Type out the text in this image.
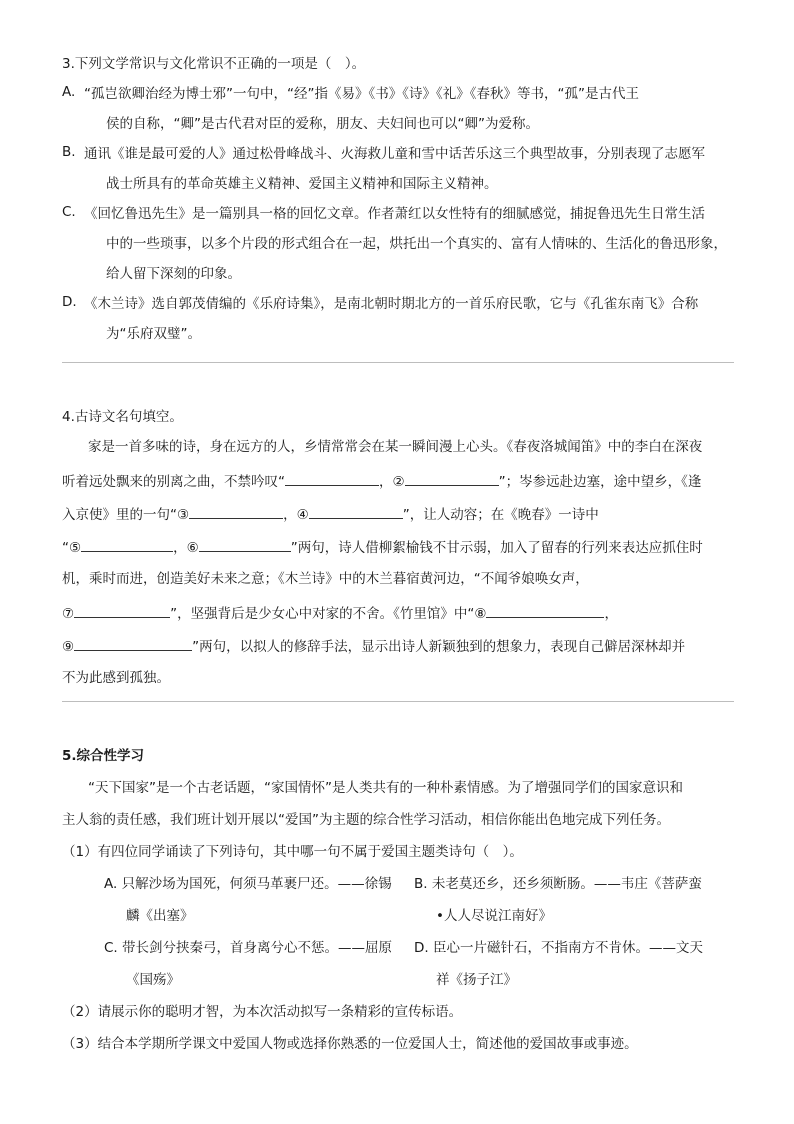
3.下列文学常识与文化常识不正确的一项是（　）。
A. “孤岂欲卿治经为博士邪”一句中，“经”指《易》《书》《诗》《礼》《春秋》等书，“孤”是古代王
侯的自称，“卿”是古代君对臣的爱称，朋友、夫妇间也可以“卿”为爱称。
B. 通讯《谁是最可爱的人》通过松骨峰战斗、火海救儿童和雪中话苦乐这三个典型故事，分别表现了志愿军
战士所具有的革命英雄主义精神、爱国主义精神和国际主义精神。
C. 《回忆鲁迅先生》是一篇别具一格的回忆文章。作者萧红以女性特有的细腻感觉，捕捉鲁迅先生日常生活
中的一些琐事，以多个片段的形式组合在一起，烘托出一个真实的、富有人情味的、生活化的鲁迅形象，
给人留下深刻的印象。
D. 《木兰诗》选自郭茂倩编的《乐府诗集》，是南北朝时期北方的一首乐府民歌，它与《孔雀东南飞》合称
为“乐府双璧”。
4.古诗文名句填空。
家是一首多味的诗，身在远方的人，乡情常常会在某一瞬间漫上心头。《春夜洛城闻笛》中的李白在深夜
听着远处飘来的别离之曲，不禁吟叹“	，②	”；岑参远赴边塞，途中望乡，《逢
入京使》里的一句“③	，④	”，让人动容；在《晚春》一诗中
“⑤	，⑥	”两句，诗人借柳絮榆钱不甘示弱，加入了留春的行列来表达应抓住时
机，乘时而进，创造美好未来之意；《木兰诗》中的木兰暮宿黄河边，“不闻爷娘唤女声，
⑦	”，坚强背后是少女心中对家的不舍。《竹里馆》中“⑧	，
⑨	”两句，以拟人的修辞手法，显示出诗人新颖独到的想象力，表现自己僻居深林却并
不为此感到孤独。
5.综合性学习
“天下国家”是一个古老话题，“家国情怀”是人类共有的一种朴素情感。为了增强同学们的国家意识和
主人翁的责任感，我们班计划开展以“爱国”为主题的综合性学习活动，相信你能出色地完成下列任务。
（1）有四位同学诵读了下列诗句，其中哪一句不属于爱国主题类诗句（　）。
A. 只解沙场为国死，何须马革裹尸还。——徐锡
麟《出塞》
B. 未老莫还乡，还乡须断肠。——韦庄《菩萨蛮
•人人尽说江南好》
C. 带长剑兮挟秦弓，首身离兮心不惩。——屈原
《国殇》
D. 臣心一片磁针石，不指南方不肯休。——文天
祥《扬子江》
（2）请展示你的聪明才智，为本次活动拟写一条精彩的宣传标语。
（3）结合本学期所学课文中爱国人物或选择你熟悉的一位爱国人士，简述他的爱国故事或事迹。
